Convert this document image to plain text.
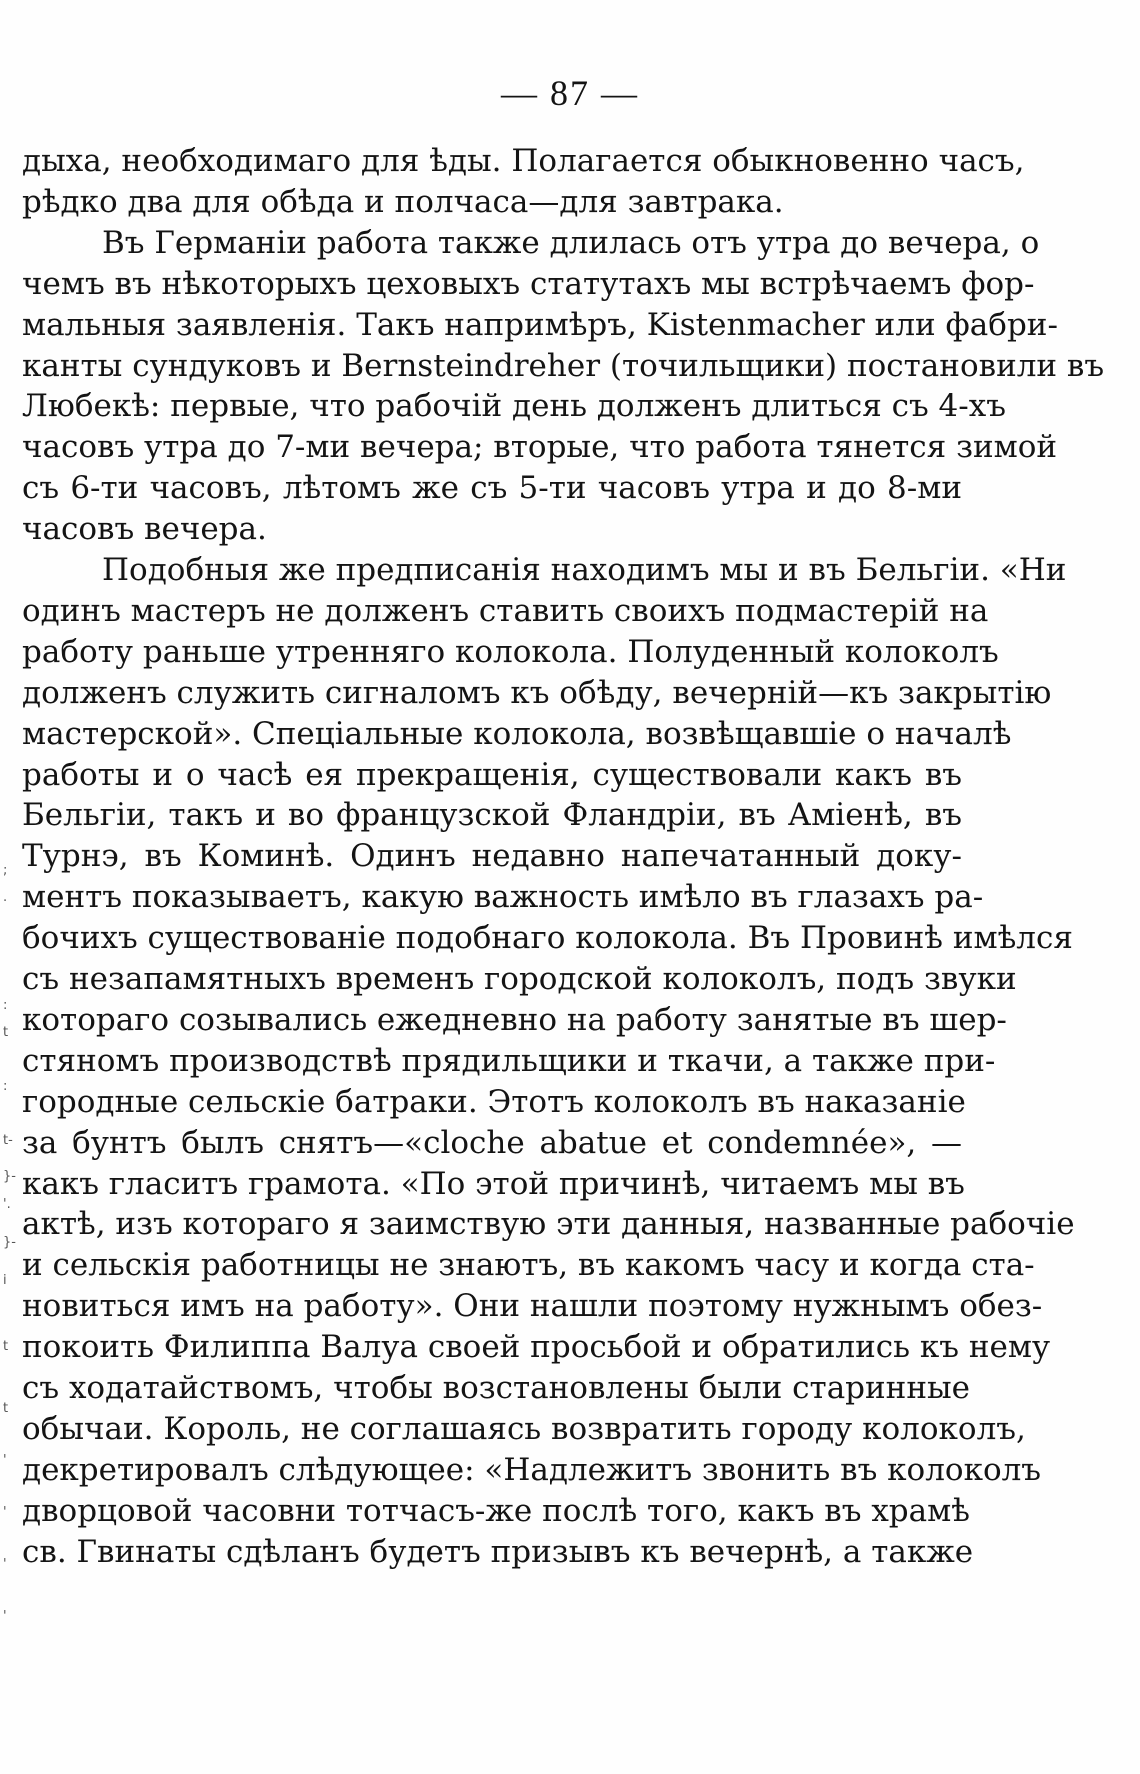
— 87 —
дыха, необходимаго для ѣды. Полагается обыкновенно часъ,
рѣдко два для обѣда и полчаса—для завтрака.
Въ Германіи работа также длилась отъ утра до вечера, о
чемъ въ нѣкоторыхъ цеховыхъ статутахъ мы встрѣчаемъ фор-
мальныя заявленія. Такъ напримѣръ, Kistenmacher или фабри-
канты сундуковъ и Bernsteindreher (точильщики) постановили въ
Любекѣ: первые, что рабочій день долженъ длиться съ 4-хъ
часовъ утра до 7-ми вечера; вторые, что работа тянется зимой
съ 6-ти часовъ, лѣтомъ же съ 5-ти часовъ утра и до 8-ми
часовъ вечера.
Подобныя же предписанія находимъ мы и въ Бельгіи. «Ни
одинъ мастеръ не долженъ ставить своихъ подмастерій на
работу раньше утренняго колокола. Полуденный колоколъ
долженъ служить сигналомъ къ обѣду, вечерній—къ закрытію
мастерской». Спеціальные колокола, возвѣщавшіе о началѣ
работы и о часѣ ея прекращенія, существовали какъ въ
Бельгіи, такъ и во французской Фландріи, въ Аміенѣ, въ
Турнэ, въ Коминѣ. Одинъ недавно напечатанный доку-
ментъ показываетъ, какую важность имѣло въ глазахъ ра-
бочихъ существованіе подобнаго колокола. Въ Провинѣ имѣлся
съ незапамятныхъ временъ городской колоколъ, подъ звуки
котораго созывались ежедневно на работу занятые въ шер-
стяномъ производствѣ прядильщики и ткачи, а также при-
городные сельскіе батраки. Этотъ колоколъ въ наказаніе
за бунтъ былъ снятъ—«cloche abatue et condemnée», —
какъ гласитъ грамота. «По этой причинѣ, читаемъ мы въ
актѣ, изъ котораго я заимствую эти данныя, названные рабочіе
и сельскія работницы не знаютъ, въ какомъ часу и когда ста-
новиться имъ на работу». Они нашли поэтому нужнымъ обез-
покоить Филиппа Валуа своей просьбой и обратились къ нему
съ ходатайствомъ, чтобы возстановлены были старинные
обычаи. Король, не соглашаясь возвратить городу колоколъ,
декретировалъ слѣдующее: «Надлежитъ звонить въ колоколъ
дворцовой часовни тотчасъ-же послѣ того, какъ въ храмѣ
св. Гвинаты сдѣланъ будетъ призывъ къ вечернѣ, а также
;
.
:
t
:
t-
}-
'.
}-
i
t
t
'
'
'
'
